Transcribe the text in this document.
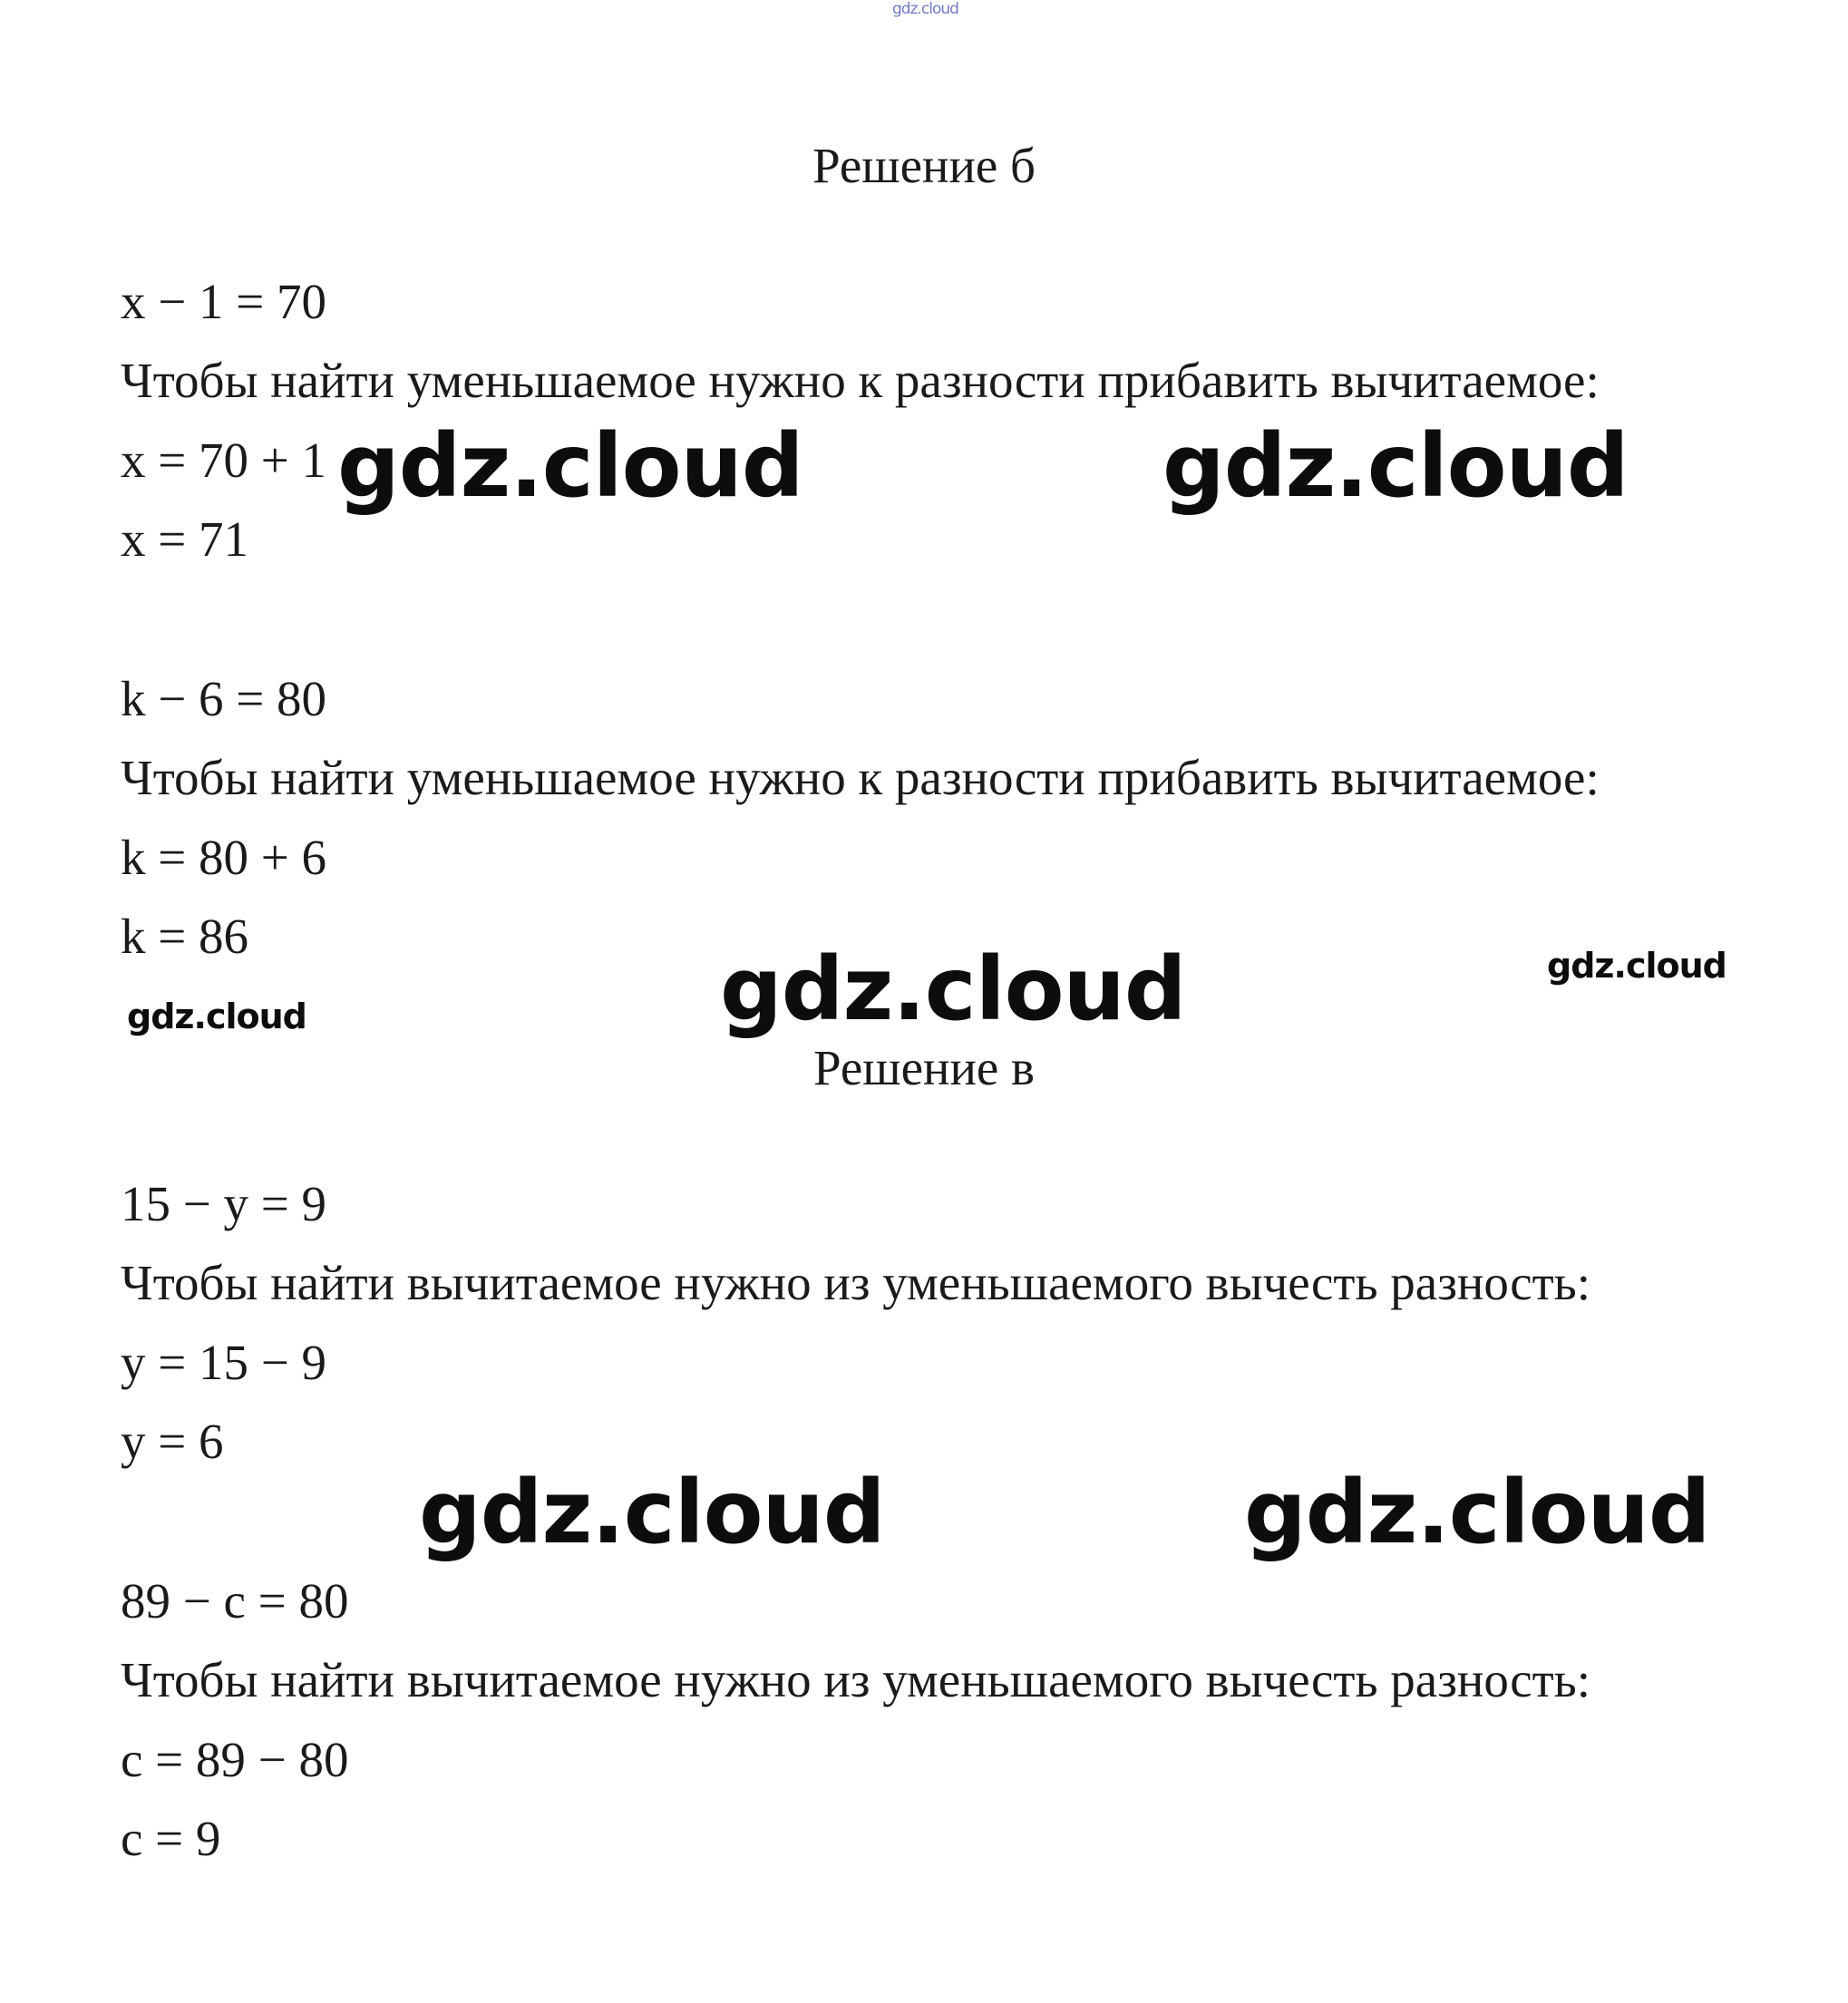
gdz.cloud
Решение б
x − 1 = 70
Чтобы найти уменьшаемое нужно к разности прибавить вычитаемое:
x = 70 + 1
x = 71
k − 6 = 80
Чтобы найти уменьшаемое нужно к разности прибавить вычитаемое:
k = 80 + 6
k = 86
Решение в
15 − y = 9
Чтобы найти вычитаемое нужно из уменьшаемого вычесть разность:
y = 15 − 9
y = 6
89 − c = 80
Чтобы найти вычитаемое нужно из уменьшаемого вычесть разность:
c = 89 − 80
c = 9
gdz.cloud	gdz.cloud
gdz.cloud	gdz.cloud
gdz.cloud
gdz.cloud	gdz.cloud
